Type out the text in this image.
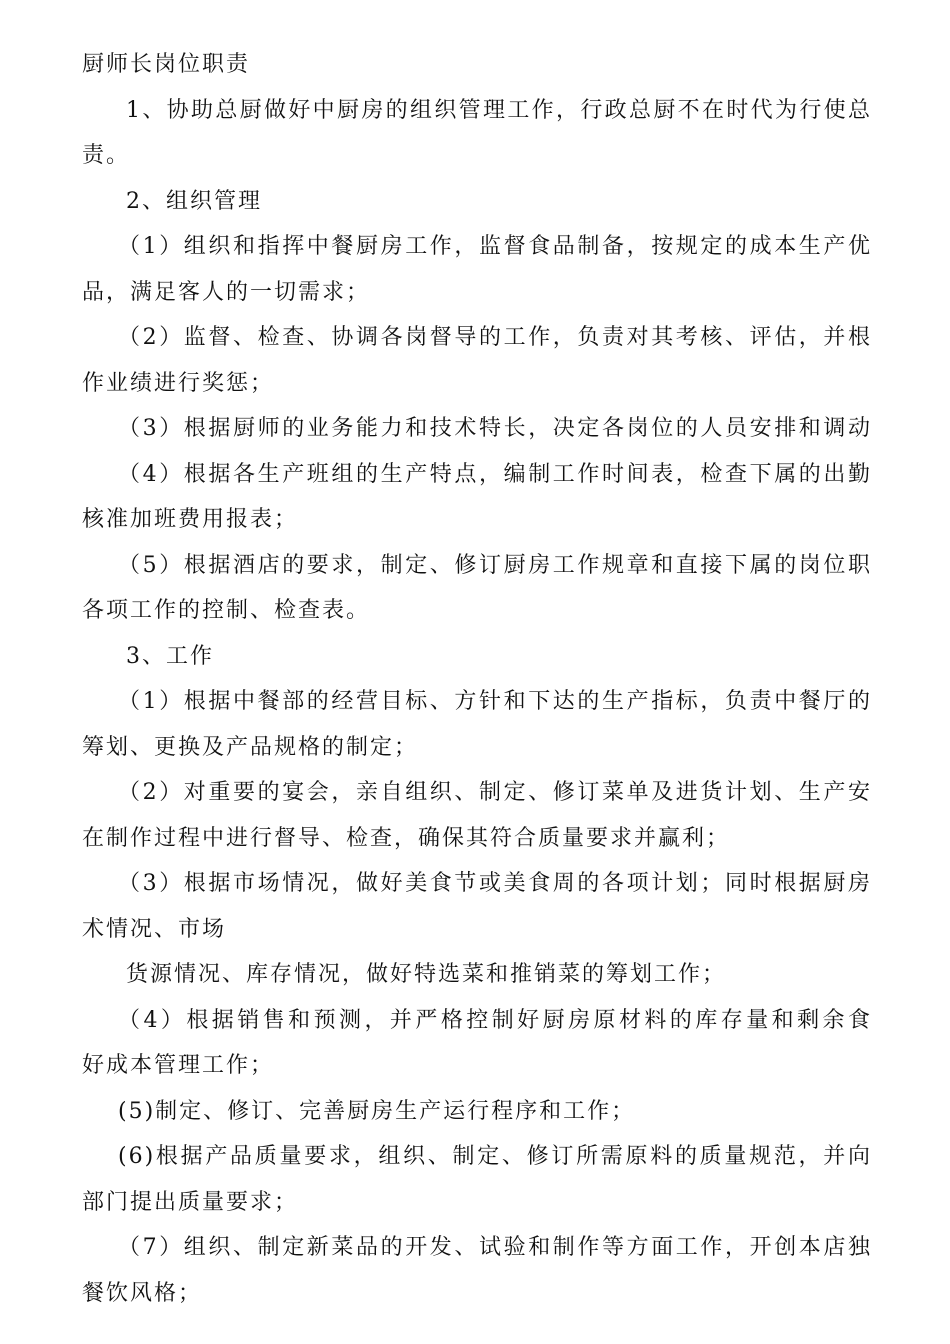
厨师长岗位职责
1、协助总厨做好中厨房的组织管理工作，行政总厨不在时代为行使总
责。
2、组织管理
（1）组织和指挥中餐厨房工作，监督食品制备，按规定的成本生产优
品，满足客人的一切需求；
（2）监督、检查、协调各岗督导的工作，负责对其考核、评估，并根
作业绩进行奖惩；
（3）根据厨师的业务能力和技术特长，决定各岗位的人员安排和调动
（4）根据各生产班组的生产特点，编制工作时间表，检查下属的出勤
核准加班费用报表；
（5）根据酒店的要求，制定、修订厨房工作规章和直接下属的岗位职
各项工作的控制、检查表。
3、工作
（1）根据中餐部的经营目标、方针和下达的生产指标，负责中餐厅的
筹划、更换及产品规格的制定；
（2）对重要的宴会，亲自组织、制定、修订菜单及进货计划、生产安
在制作过程中进行督导、检查，确保其符合质量要求并赢利；
（3）根据市场情况，做好美食节或美食周的各项计划；同时根据厨房
术情况、市场
货源情况、库存情况，做好特选菜和推销菜的筹划工作；
（4）根据销售和预测，并严格控制好厨房原材料的库存量和剩余食
好成本管理工作；
(5)制定、修订、完善厨房生产运行程序和工作；
(6)根据产品质量要求，组织、制定、修订所需原料的质量规范，并向
部门提出质量要求；
（7）组织、制定新菜品的开发、试验和制作等方面工作，开创本店独
餐饮风格；
